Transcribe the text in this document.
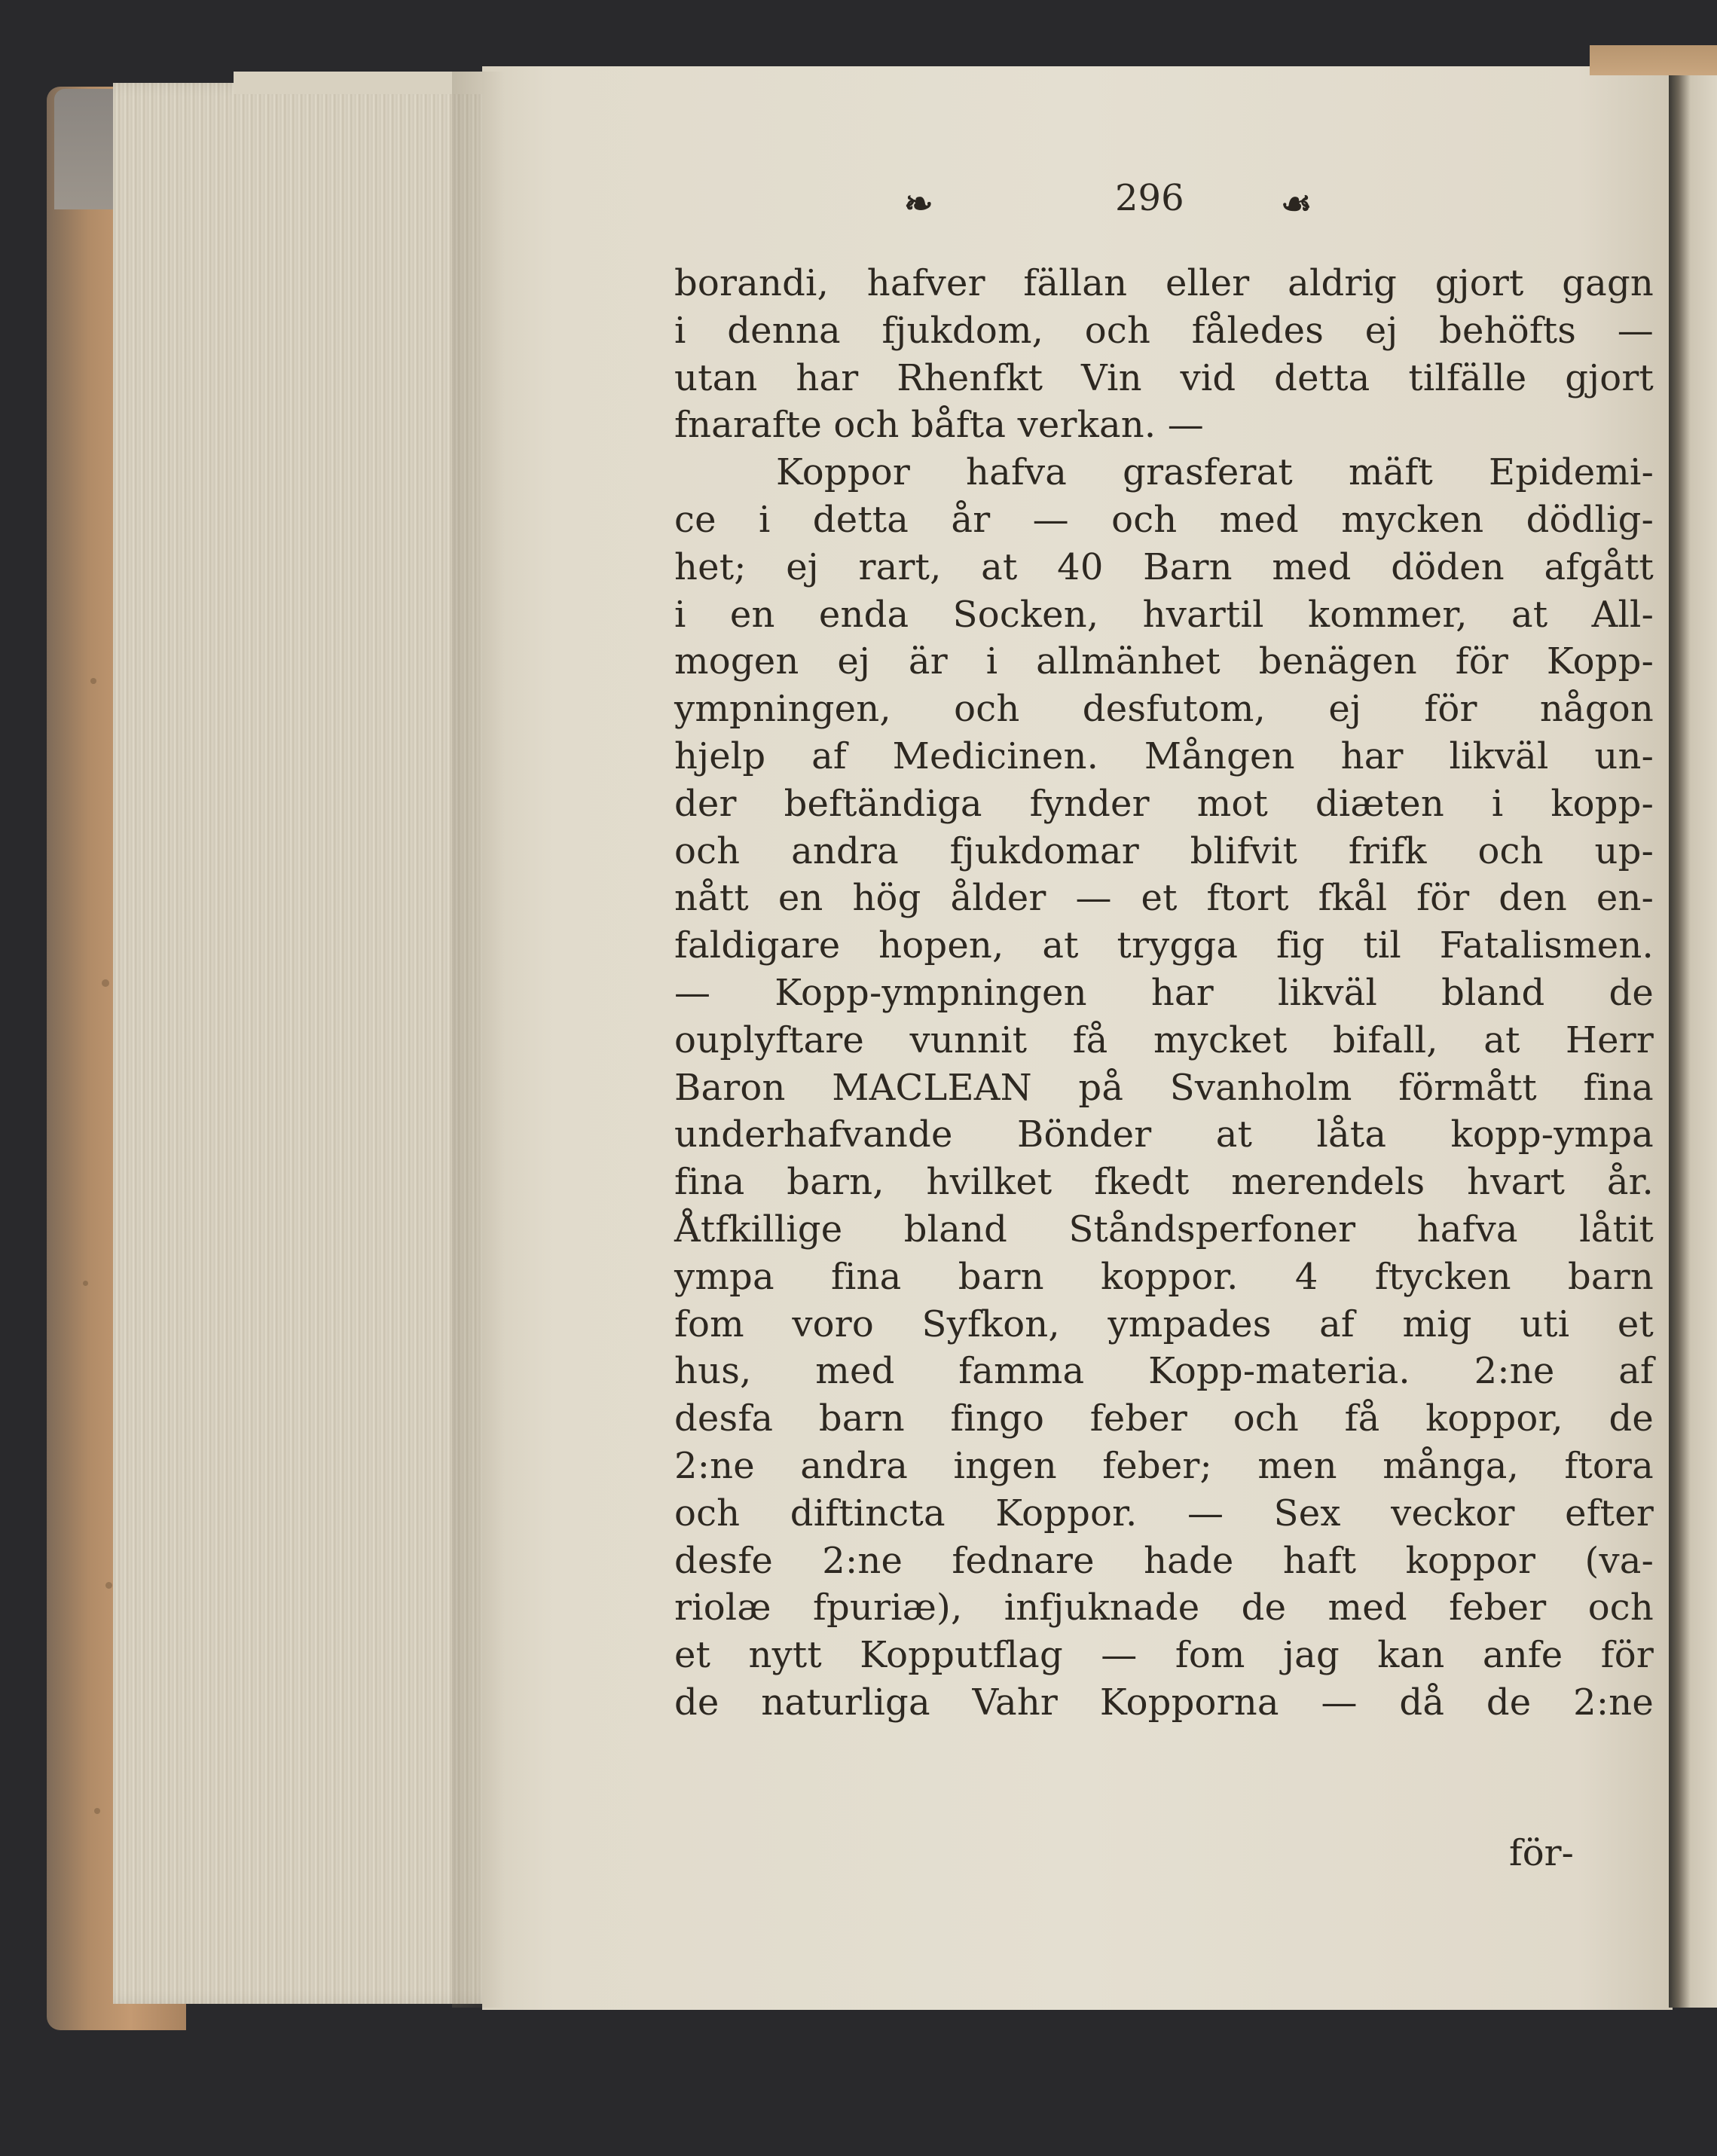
❧	296	☙
borandi, hafver fällan eller aldrig gjort gagn
i denna fjukdom, och fåledes ej behöfts —
utan har Rhenfkt Vin vid detta tilfälle gjort
fnarafte och båfta verkan. —
Koppor hafva grasferat mäft Epidemi-
ce i detta år — och med mycken dödlig-
het; ej rart, at 40 Barn med döden afgått
i en enda Socken, hvartil kommer, at All-
mogen ej är i allmänhet benägen för Kopp-
ympningen, och desfutom, ej för någon
hjelp af Medicinen. Mången har likväl un-
der beftändiga fynder mot diæten i kopp-
och andra fjukdomar blifvit frifk och up-
nått en hög ålder — et ftort fkål för den en-
faldigare hopen, at trygga fig til Fatalismen.
— Kopp-ympningen har likväl bland de
ouplyftare vunnit få mycket bifall, at Herr
Baron MACLEAN på Svanholm förmått fina
underhafvande Bönder at låta kopp-ympa
fina barn, hvilket fkedt merendels hvart år.
Åtfkillige bland Ståndsperfoner hafva låtit
ympa fina barn koppor. 4 ftycken barn
fom voro Syfkon, ympades af mig uti et
hus, med famma Kopp-materia. 2:ne af
desfa barn fingo feber och få koppor, de
2:ne andra ingen feber; men många, ftora
och diftincta Koppor. — Sex veckor efter
desfe 2:ne fednare hade haft koppor (va-
riolæ fpuriæ), infjuknade de med feber och
et nytt Kopputflag — fom jag kan anfe för
de naturliga Vahr Kopporna — då de 2:ne
för-
